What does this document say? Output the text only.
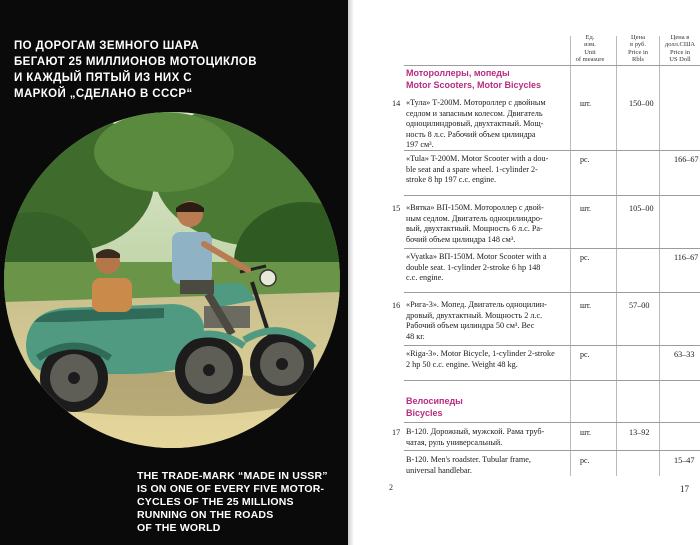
ПО ДОРОГАМ ЗЕМНОГО ШАРА
БЕГАЮТ 25 МИЛЛИОНОВ МОТОЦИКЛОВ
И КАЖДЫЙ ПЯТЫЙ ИЗ НИХ С
МАРКОЙ „СДЕЛАНО В СССР“
THE TRADE-MARK “MADE IN USSR”
IS ON ONE OF EVERY FIVE MOTOR-
CYCLES OF THE 25 MILLIONS
RUNNING ON THE ROADS
OF THE WORLD
2
Ед.
изм.
Unit
of measure
Цена
в руб.
Price in
Rbls
Цена в
долл.США
Price in
US Doll
Мотороллеры, мопеды
Motor Scooters, Motor Bicycles
14 «Тула» Т-200М. Мотороллер с двойным
седлом и запасным колесом. Двигатель
одноцилиндровый, двухтактный. Мощ-
ность 8 л.с. Рабочий объем цилиндра
197 см³.
шт.	150–00
«Tula» T-200M. Motor Scooter with a dou-
ble seat and a spare wheel. 1-cylinder 2-
stroke 8 hp 197 c.c. engine.
pc.	166–67
15 «Вятка» ВП-150М. Мотороллер с двой-
ным седлом. Двигатель одноцилиндро-
вый, двухтактный. Мощность 6 л.с. Ра-
бочий объем цилиндра 148 см³.
шт.	105–00
«Vyatka» ВП-150М. Motor Scooter with a
double seat. 1-cylinder 2-stroke 6 hp 148
c.c. engine.
pc.	116–67
16 «Рига-3». Мопед. Двигатель одноцилин-
дровый, двухтактный. Мощность 2 л.с.
Рабочий объем цилиндра 50 см³. Вес
48 кг.
шт.	57–00
«Riga-3». Motor Bicycle, 1-cylinder 2-stroke
2 hp 50 c.c. engine. Weight 48 kg.
pc.	63–33
Велосипеды
Bicycles
17 В-120. Дорожный, мужской. Рама труб-
чатая, руль универсальный.
шт.	13–92
В-120. Men's roadster. Tubular frame,
universal handlebar.
pc.	15–47
17
